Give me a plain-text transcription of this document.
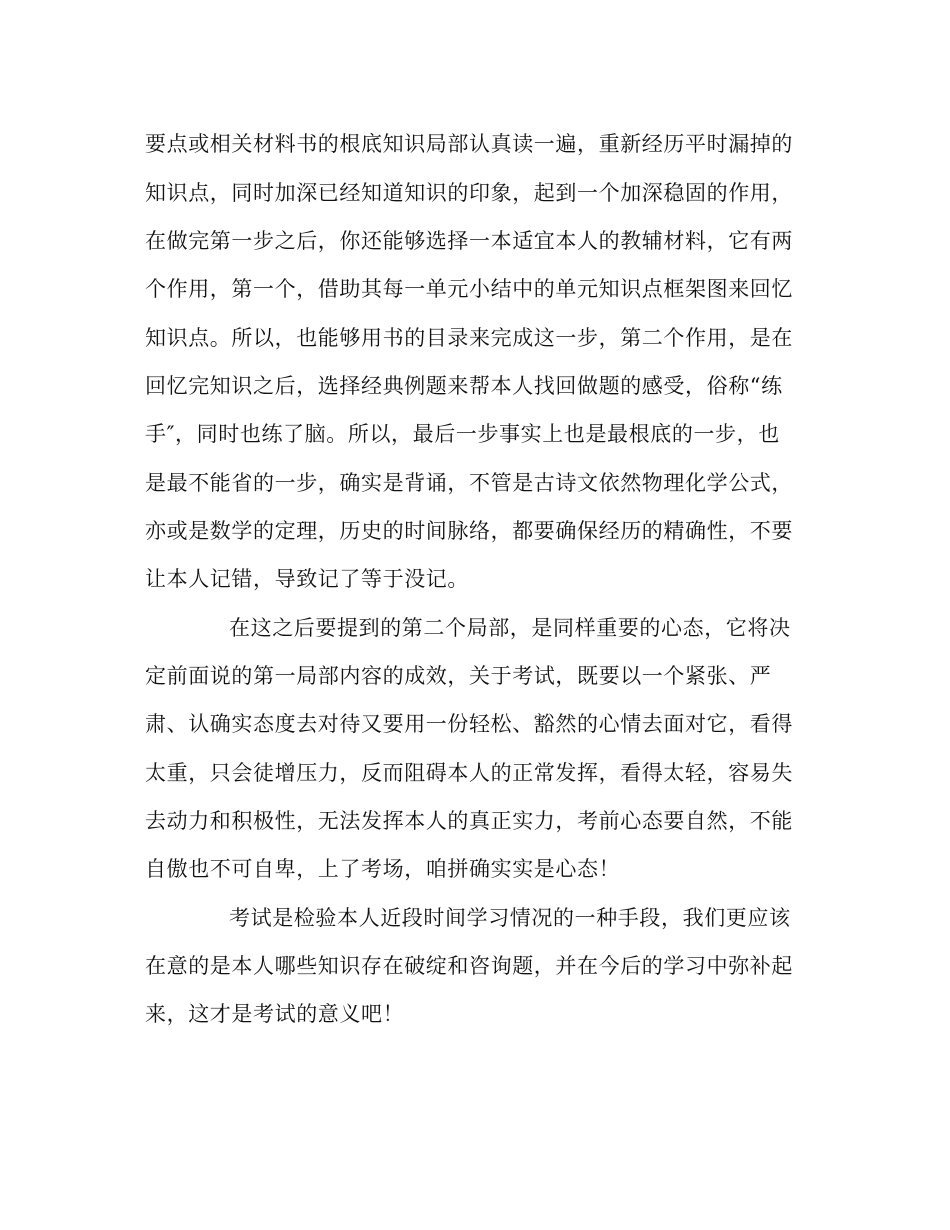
要点或相关材料书的根底知识局部认真读一遍，重新经历平时漏掉的

知识点，同时加深已经知道知识的印象，起到一个加深稳固的作用，

在做完第一步之后，你还能够选择一本适宜本人的教辅材料，它有两

个作用，第一个，借助其每一单元小结中的单元知识点框架图来回忆

知识点。所以，也能够用书的目录来完成这一步，第二个作用，是在

回忆完知识之后，选择经典例题来帮本人找回做题的感受，俗称“练

手″，同时也练了脑。所以，最后一步事实上也是最根底的一步，也

是最不能省的一步，确实是背诵，不管是古诗文依然物理化学公式，

亦或是数学的定理，历史的时间脉络，都要确保经历的精确性，不要

让本人记错，导致记了等于没记。

在这之后要提到的第二个局部，是同样重要的心态，它将决

定前面说的第一局部内容的成效，关于考试，既要以一个紧张、严

肃、认确实态度去对待又要用一份轻松、豁然的心情去面对它，看得

太重，只会徒增压力，反而阻碍本人的正常发挥，看得太轻，容易失

去动力和积极性，无法发挥本人的真正实力，考前心态要自然，不能

自傲也不可自卑，上了考场，咱拼确实实是心态！

考试是检验本人近段时间学习情况的一种手段，我们更应该

在意的是本人哪些知识存在破绽和咨询题，并在今后的学习中弥补起

来，这才是考试的意义吧！
